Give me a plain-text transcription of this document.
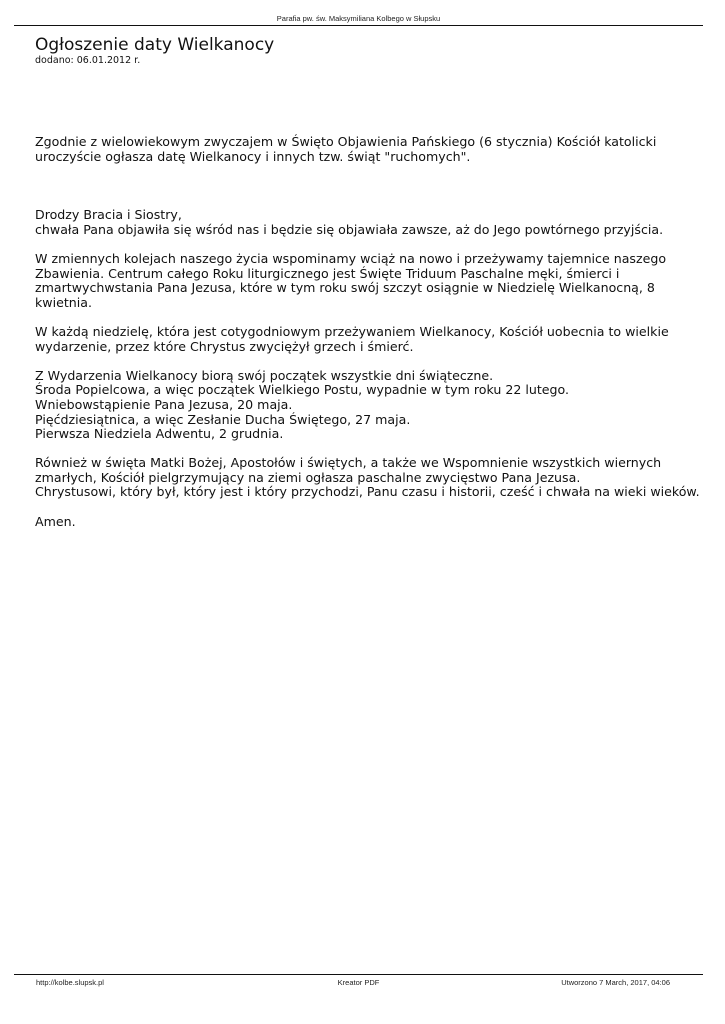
Parafia pw. św. Maksymiliana Kolbego w Słupsku
Ogłoszenie daty Wielkanocy
dodano: 06.01.2012 r.

Zgodnie z wielowiekowym zwyczajem w Święto Objawienia Pańskiego (6 stycznia) Kościół katolicki
uroczyście ogłasza datę Wielkanocy i innych tzw. świąt "ruchomych".

Drodzy Bracia i Siostry,
chwała Pana objawiła się wśród nas i będzie się objawiała zawsze, aż do Jego powtórnego przyjścia.

W zmiennych kolejach naszego życia wspominamy wciąż na nowo i przeżywamy tajemnice naszego
Zbawienia. Centrum całego Roku liturgicznego jest Święte Triduum Paschalne męki, śmierci i
zmartwychwstania Pana Jezusa, które w tym roku swój szczyt osiągnie w Niedzielę Wielkanocną, 8
kwietnia.

W każdą niedzielę, która jest cotygodniowym przeżywaniem Wielkanocy, Kościół uobecnia to wielkie
wydarzenie, przez które Chrystus zwyciężył grzech i śmierć.

Z Wydarzenia Wielkanocy biorą swój początek wszystkie dni świąteczne.
Środa Popielcowa, a więc początek Wielkiego Postu, wypadnie w tym roku 22 lutego.
Wniebowstąpienie Pana Jezusa, 20 maja.
Pięćdziesiątnica, a więc Zesłanie Ducha Świętego, 27 maja.
Pierwsza Niedziela Adwentu, 2 grudnia.

Również w święta Matki Bożej, Apostołów i świętych, a także we Wspomnienie wszystkich wiernych
zmarłych, Kościół pielgrzymujący na ziemi ogłasza paschalne zwycięstwo Pana Jezusa.
Chrystusowi, który był, który jest i który przychodzi, Panu czasu i historii, cześć i chwała na wieki wieków.

Amen.

http://kolbe.slupsk.pl	Kreator PDF	Utworzono 7 March, 2017, 04:06
